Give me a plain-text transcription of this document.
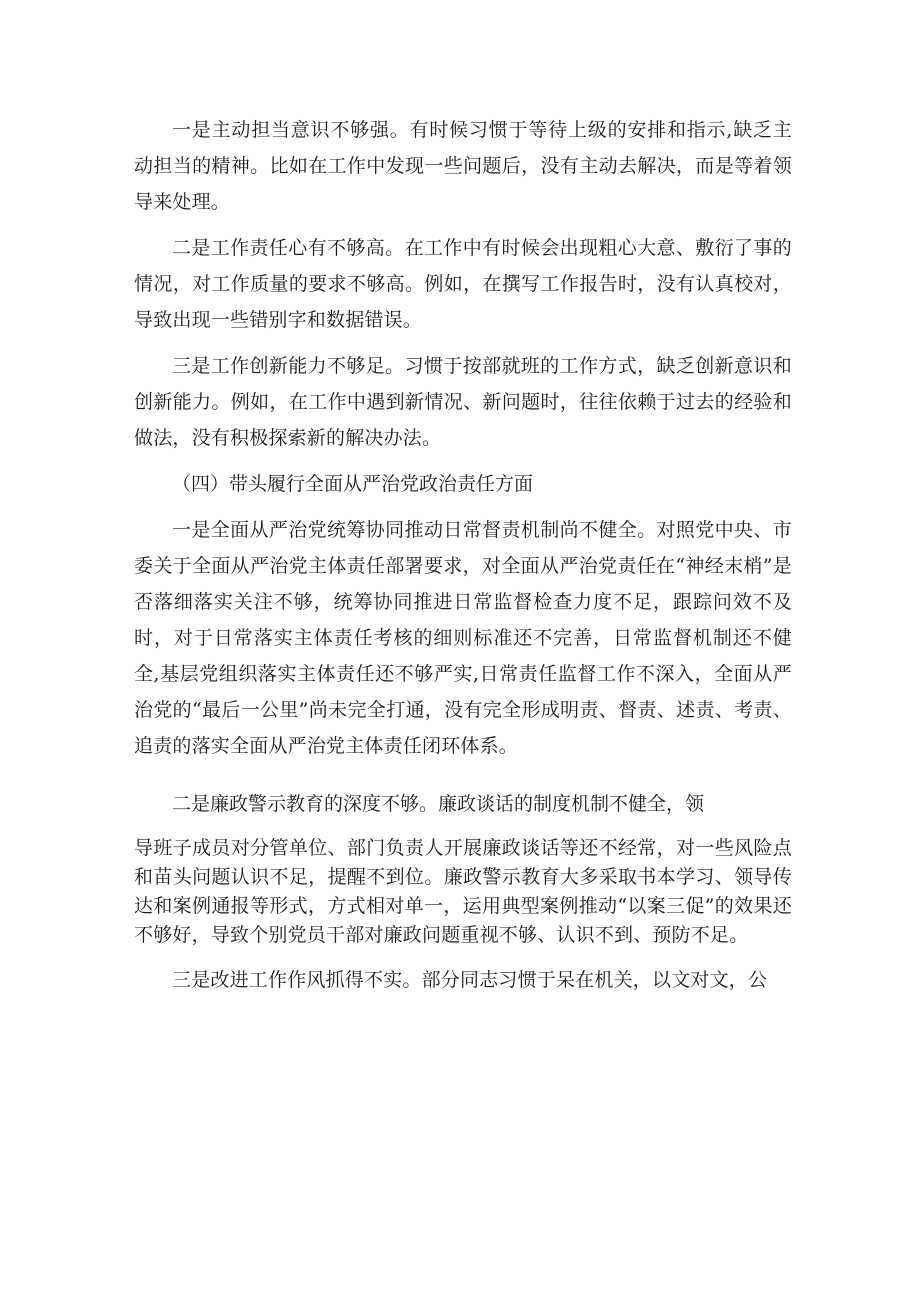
一是主动担当意识不够强。有时候习惯于等待上级的安排和指示,缺乏主动担当的精神。比如在工作中发现一些问题后，没有主动去解决，而是等着领导来处理。

二是工作责任心有不够高。在工作中有时候会出现粗心大意、敷衍了事的情况，对工作质量的要求不够高。例如，在撰写工作报告时，没有认真校对，导致出现一些错别字和数据错误。

三是工作创新能力不够足。习惯于按部就班的工作方式，缺乏创新意识和创新能力。例如，在工作中遇到新情况、新问题时，往往依赖于过去的经验和做法，没有积极探索新的解决办法。

（四）带头履行全面从严治党政治责任方面

一是全面从严治党统筹协同推动日常督责机制尚不健全。对照党中央、市委关于全面从严治党主体责任部署要求，对全面从严治党责任在“神经末梢”是否落细落实关注不够，统筹协同推进日常监督检查力度不足，跟踪问效不及时，对于日常落实主体责任考核的细则标准还不完善，日常监督机制还不健全,基层党组织落实主体责任还不够严实,日常责任监督工作不深入，全面从严治党的“最后一公里”尚未完全打通，没有完全形成明责、督责、述责、考责、追责的落实全面从严治党主体责任闭环体系。

二是廉政警示教育的深度不够。廉政谈话的制度机制不健全，领

导班子成员对分管单位、部门负责人开展廉政谈话等还不经常，对一些风险点和苗头问题认识不足，提醒不到位。廉政警示教育大多采取书本学习、领导传达和案例通报等形式，方式相对单一，运用典型案例推动“以案三促”的效果还不够好，导致个别党员干部对廉政问题重视不够、认识不到、预防不足。

三是改进工作作风抓得不实。部分同志习惯于呆在机关，以文对文，公
